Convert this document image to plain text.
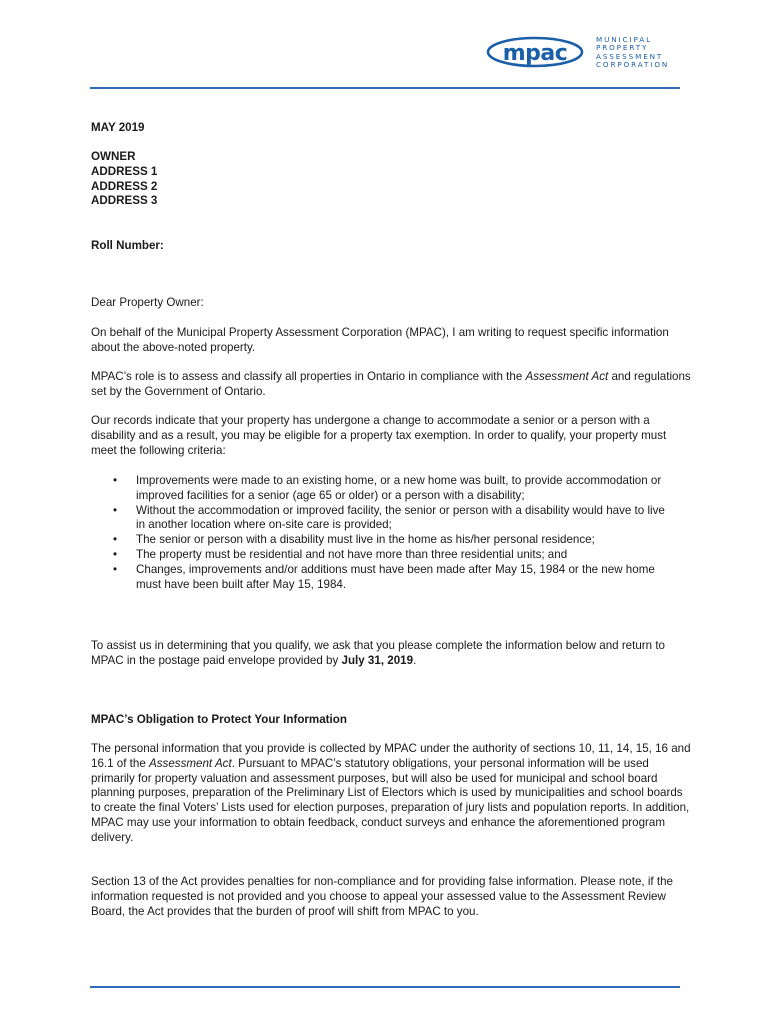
mpac
MUNICIPAL
PROPERTY
ASSESSMENT
CORPORATION
MAY 2019

OWNER

ADDRESS 1

ADDRESS 2

ADDRESS 3

Roll Number:
Dear Property Owner:
On behalf of the Municipal Property Assessment Corporation (MPAC), I am writing to request specific information about the above-noted property.
MPAC’s role is to assess and classify all properties in Ontario in compliance with the Assessment Act and regulations set by the Government of Ontario.
Our records indicate that your property has undergone a change to accommodate a senior or a person with a disability and as a result, you may be eligible for a property tax exemption. In order to qualify, your property must meet the following criteria:
• Improvements were made to an existing home, or a new home was built, to provide accommodation or improved facilities for a senior (age 65 or older) or a person with a disability;
• Without the accommodation or improved facility, the senior or person with a disability would have to live in another location where on-site care is provided;
• The senior or person with a disability must live in the home as his/her personal residence;
• The property must be residential and not have more than three residential units; and
• Changes, improvements and/or additions must have been made after May 15, 1984 or the new home must have been built after May 15, 1984.
To assist us in determining that you qualify, we ask that you please complete the information below and return to MPAC in the postage paid envelope provided by July 31, 2019.
MPAC’s Obligation to Protect Your Information
The personal information that you provide is collected by MPAC under the authority of sections 10, 11, 14, 15, 16 and 16.1 of the Assessment Act. Pursuant to MPAC’s statutory obligations, your personal information will be used primarily for property valuation and assessment purposes, but will also be used for municipal and school board planning purposes, preparation of the Preliminary List of Electors which is used by municipalities and school boards to create the final Voters’ Lists used for election purposes, preparation of jury lists and population reports. In addition, MPAC may use your information to obtain feedback, conduct surveys and enhance the aforementioned program delivery.
Section 13 of the Act provides penalties for non-compliance and for providing false information. Please note, if the information requested is not provided and you choose to appeal your assessed value to the Assessment Review Board, the Act provides that the burden of proof will shift from MPAC to you.
